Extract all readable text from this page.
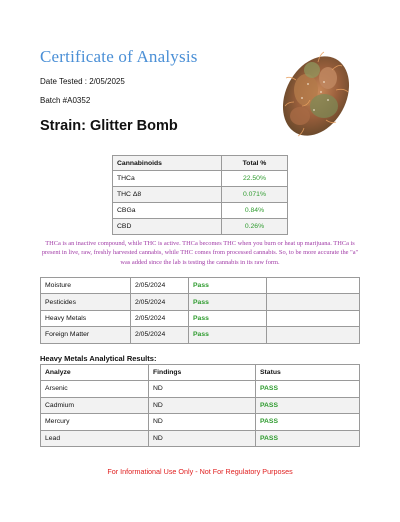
Certificate of Analysis
Date Tested : 2/05/2025
Batch #A0352
Strain: Glitter Bomb
Cannabinoids	Total %
THCa	22.50%
THC Δ8	0.071%
CBGa	0.84%
CBD	0.26%
THCa is an inactive compound, while THC is active. THCa becomes THC when you burn or heat up marijuana. THCa is present in live, raw, freshly harvested cannabis, while THC comes from processed cannabis. So, to be more accurate the "a" was added since the lab is testing the cannabis in its raw form.
Moisture	2/05/2024	Pass	
Pesticides	2/05/2024	Pass	
Heavy Metals	2/05/2024	Pass	
Foreign Matter	2/05/2024	Pass	
Heavy Metals Analytical Results:
Analyze	Findings	Status
Arsenic	ND	PASS
Cadmium	ND	PASS
Mercury	ND	PASS
Lead	ND	PASS
For Informational Use Only - Not For Regulatory Purposes
